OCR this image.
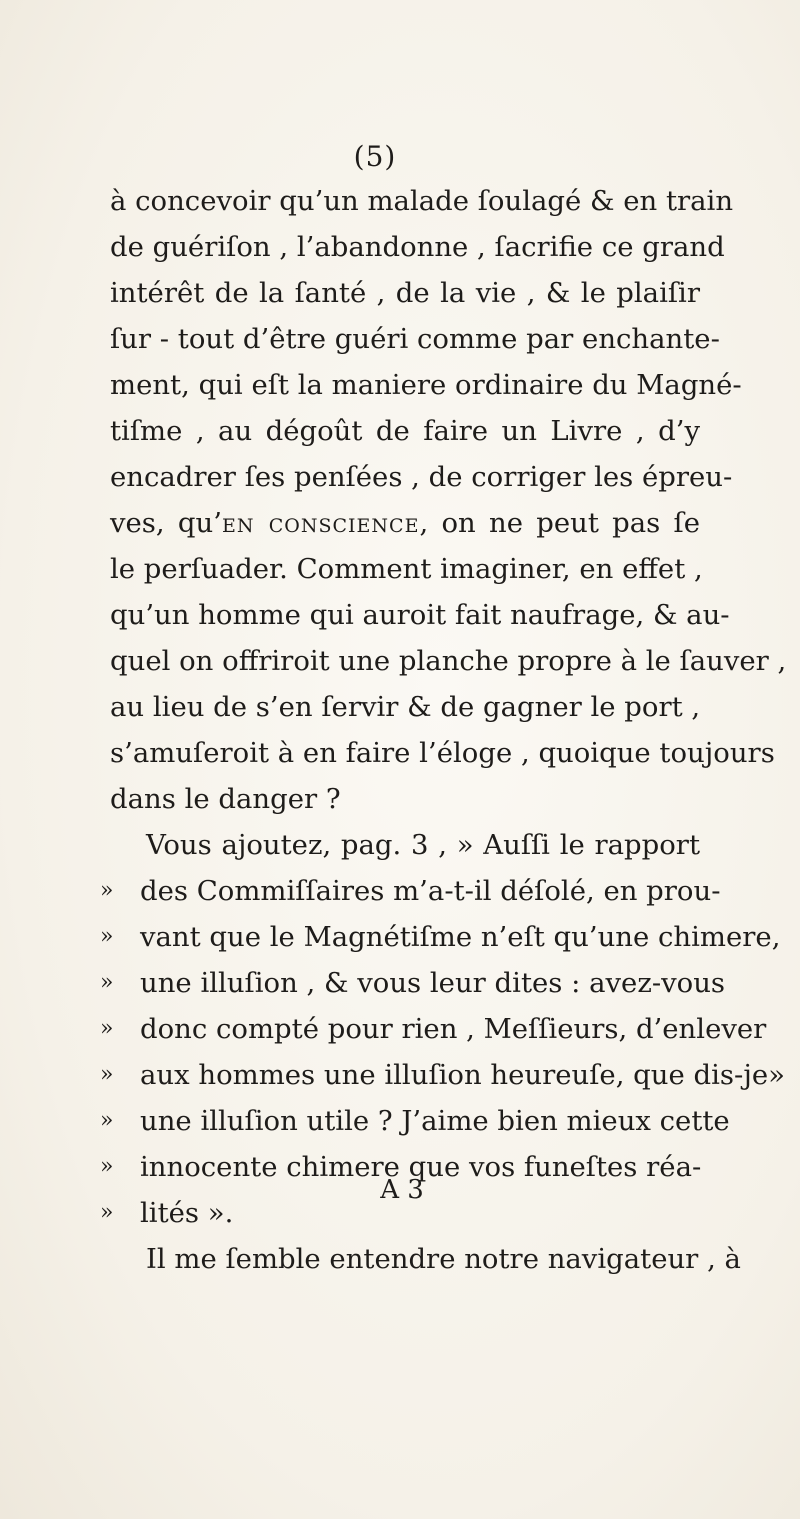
(5)
à concevoir qu’un malade ſoulagé & en train
de guériſon , l’abandonne , ſacrifie ce grand
intérêt de la ſanté , de la vie , & le plaiſir
ſur - tout d’être guéri comme par enchante-
ment, qui eſt la maniere ordinaire du Magné-
tiſme , au dégoût de faire un Livre , d’y
encadrer ſes penſées , de corriger les épreu-
ves, qu’en conscience, on ne peut pas ſe
le perſuader. Comment imaginer, en effet ,
qu’un homme qui auroit fait naufrage, & au-
quel on offriroit une planche propre à le ſauver ,
au lieu de s’en ſervir & de gagner le port ,
s’amuſeroit à en faire l’éloge , quoique toujours
dans le danger ?
Vous ajoutez, pag. 3 , » Auſſi le rapport
» des Commiſſaires m’a-t-il déſolé, en prou-
» vant que le Magnétiſme n’eſt qu’une chimere,
» une illuſion , & vous leur dites : avez-vous
» donc compté pour rien , Meſſieurs, d’enlever
» aux hommes une illuſion heureuſe, que dis-je»
» une illuſion utile ? J’aime bien mieux cette
» innocente chimere que vos funeſtes réa-
» lités ».
Il me ſemble entendre notre navigateur , à
A 3
